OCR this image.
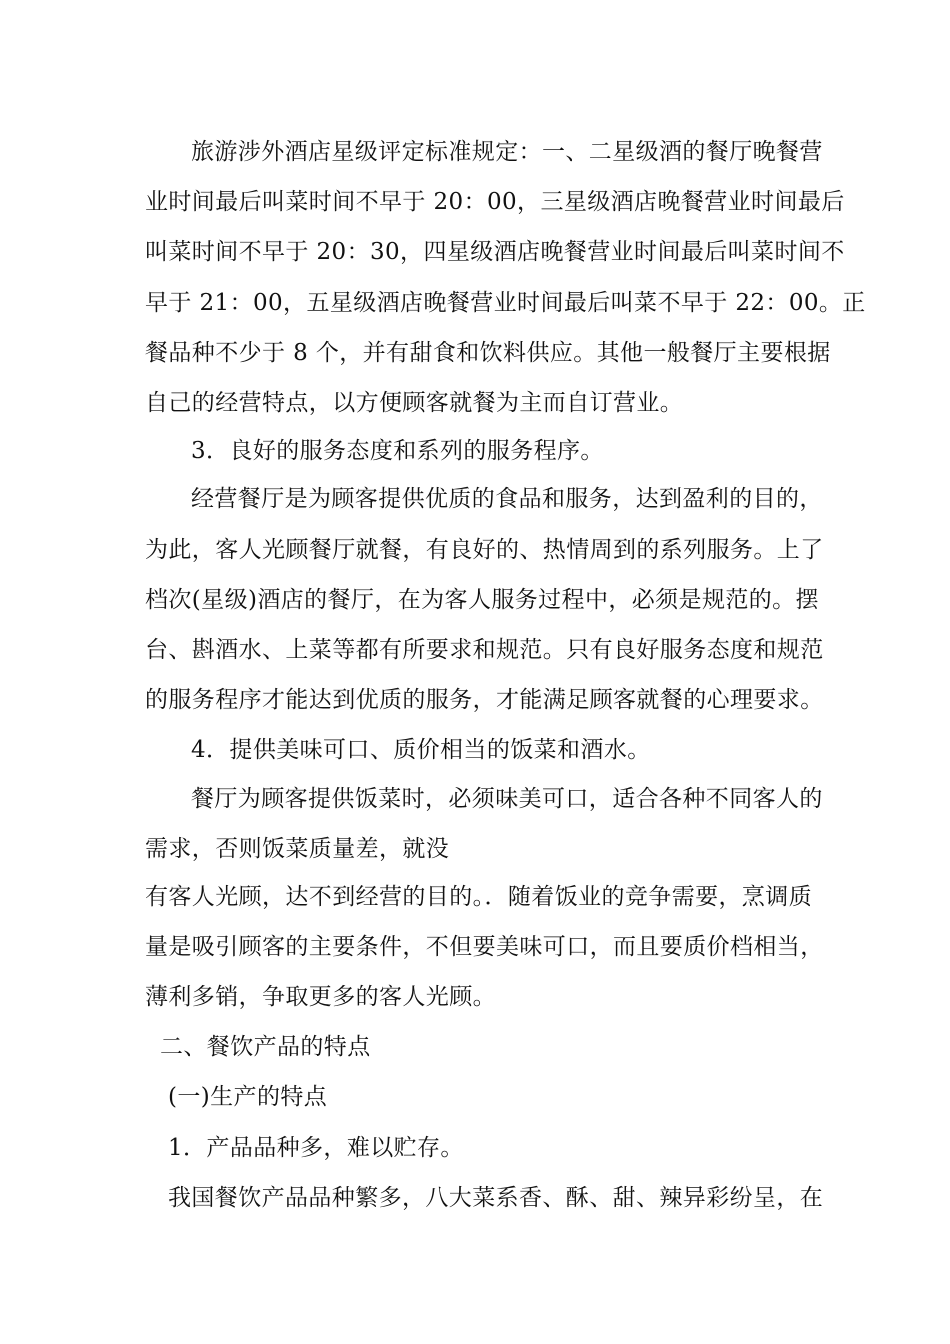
旅游涉外酒店星级评定标准规定：一、二星级酒的餐厅晚餐营
业时间最后叫菜时间不早于 20：00，三星级酒店晚餐营业时间最后
叫菜时间不早于 20：30，四星级酒店晚餐营业时间最后叫菜时间不
早于 21：00，五星级酒店晚餐营业时间最后叫菜不早于 22：00。正
餐品种不少于 8 个，并有甜食和饮料供应。其他一般餐厅主要根据
自己的经营特点，以方便顾客就餐为主而自订营业。
3．良好的服务态度和系列的服务程序。
经营餐厅是为顾客提供优质的食品和服务，达到盈利的目的，
为此，客人光顾餐厅就餐，有良好的、热情周到的系列服务。上了
档次(星级)酒店的餐厅，在为客人服务过程中，必须是规范的。摆
台、斟酒水、上菜等都有所要求和规范。只有良好服务态度和规范
的服务程序才能达到优质的服务，才能满足顾客就餐的心理要求。
4．提供美味可口、质价相当的饭菜和酒水。
餐厅为顾客提供饭菜时，必须味美可口，适合各种不同客人的
需求，否则饭菜质量差，就没
有客人光顾，达不到经营的目的。．随着饭业的竞争需要，烹调质
量是吸引顾客的主要条件，不但要美味可口，而且要质价档相当，
薄利多销，争取更多的客人光顾。
二、餐饮产品的特点
(一)生产的特点
1．产品品种多，难以贮存。
我国餐饮产品品种繁多，八大菜系香、酥、甜、辣异彩纷呈，在
